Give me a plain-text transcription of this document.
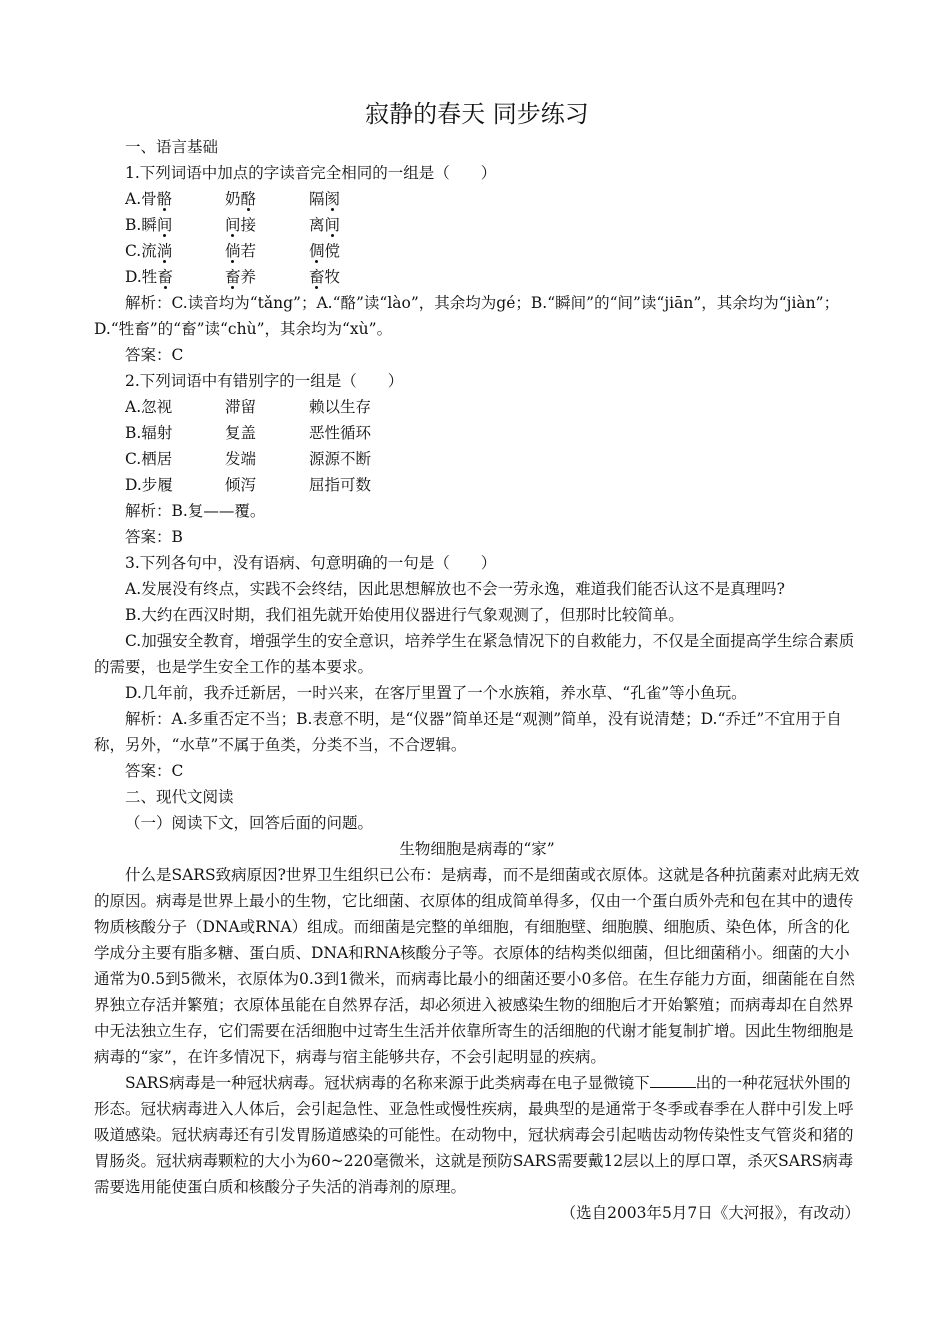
寂静的春天 同步练习

一、语言基础

1.下列词语中加点的字读音完全相同的一组是（　　）

A.骨骼	奶酪	隔阂
B.瞬间	间接	离间
C.流淌	倘若	倜傥
D.牲畜	畜养	畜牧

解析：C.读音均为“tǎng”；A.“酪”读“lào”，其余均为gé；B.“瞬间”的“间”读“jiān”，其余均为“jiàn”；D.“牲畜”的“畜”读“chù”，其余均为“xù”。

答案：C

2.下列词语中有错别字的一组是（　　）

A.忽视	滞留	赖以生存
B.辐射	复盖	恶性循环
C.栖居	发端	源源不断
D.步履	倾泻	屈指可数

解析：B.复——覆。

答案：B

3.下列各句中，没有语病、句意明确的一句是（　　）

A.发展没有终点，实践不会终结，因此思想解放也不会一劳永逸，难道我们能否认这不是真理吗?

B.大约在西汉时期，我们祖先就开始使用仪器进行气象观测了，但那时比较简单。

C.加强安全教育，增强学生的安全意识，培养学生在紧急情况下的自救能力，不仅是全面提高学生综合素质的需要，也是学生安全工作的基本要求。

D.几年前，我乔迁新居，一时兴来，在客厅里置了一个水族箱，养水草、“孔雀”等小鱼玩。

解析：A.多重否定不当；B.表意不明，是“仪器”简单还是“观测”简单，没有说清楚；D.“乔迁”不宜用于自称，另外，“水草”不属于鱼类，分类不当，不合逻辑。

答案：C

二、现代文阅读

（一）阅读下文，回答后面的问题。

生物细胞是病毒的“家”

什么是SARS致病原因?世界卫生组织已公布：是病毒，而不是细菌或衣原体。这就是各种抗菌素对此病无效的原因。病毒是世界上最小的生物，它比细菌、衣原体的组成简单得多，仅由一个蛋白质外壳和包在其中的遗传物质核酸分子（DNA或RNA）组成。而细菌是完整的单细胞，有细胞壁、细胞膜、细胞质、染色体，所含的化学成分主要有脂多糖、蛋白质、DNA和RNA核酸分子等。衣原体的结构类似细菌，但比细菌稍小。细菌的大小通常为0.5到5微米，衣原体为0.3到1微米，而病毒比最小的细菌还要小0多倍。在生存能力方面，细菌能在自然界独立存活并繁殖；衣原体虽能在自然界存活，却必须进入被感染生物的细胞后才开始繁殖；而病毒却在自然界中无法独立生存，它们需要在活细胞中过寄生生活并依靠所寄生的活细胞的代谢才能复制扩增。因此生物细胞是病毒的“家”，在许多情况下，病毒与宿主能够共存，不会引起明显的疾病。

SARS病毒是一种冠状病毒。冠状病毒的名称来源于此类病毒在电子显微镜下	出的一种花冠状外围的形态。冠状病毒进入人体后，会引起急性、亚急性或慢性疾病，最典型的是通常于冬季或春季在人群中引发上呼吸道感染。冠状病毒还有引发胃肠道感染的可能性。在动物中，冠状病毒会引起啮齿动物传染性支气管炎和猪的胃肠炎。冠状病毒颗粒的大小为60~220毫微米，这就是预防SARS需要戴12层以上的厚口罩，杀灭SARS病毒需要选用能使蛋白质和核酸分子失活的消毒剂的原理。

（选自2003年5月7日《大河报》，有改动）
